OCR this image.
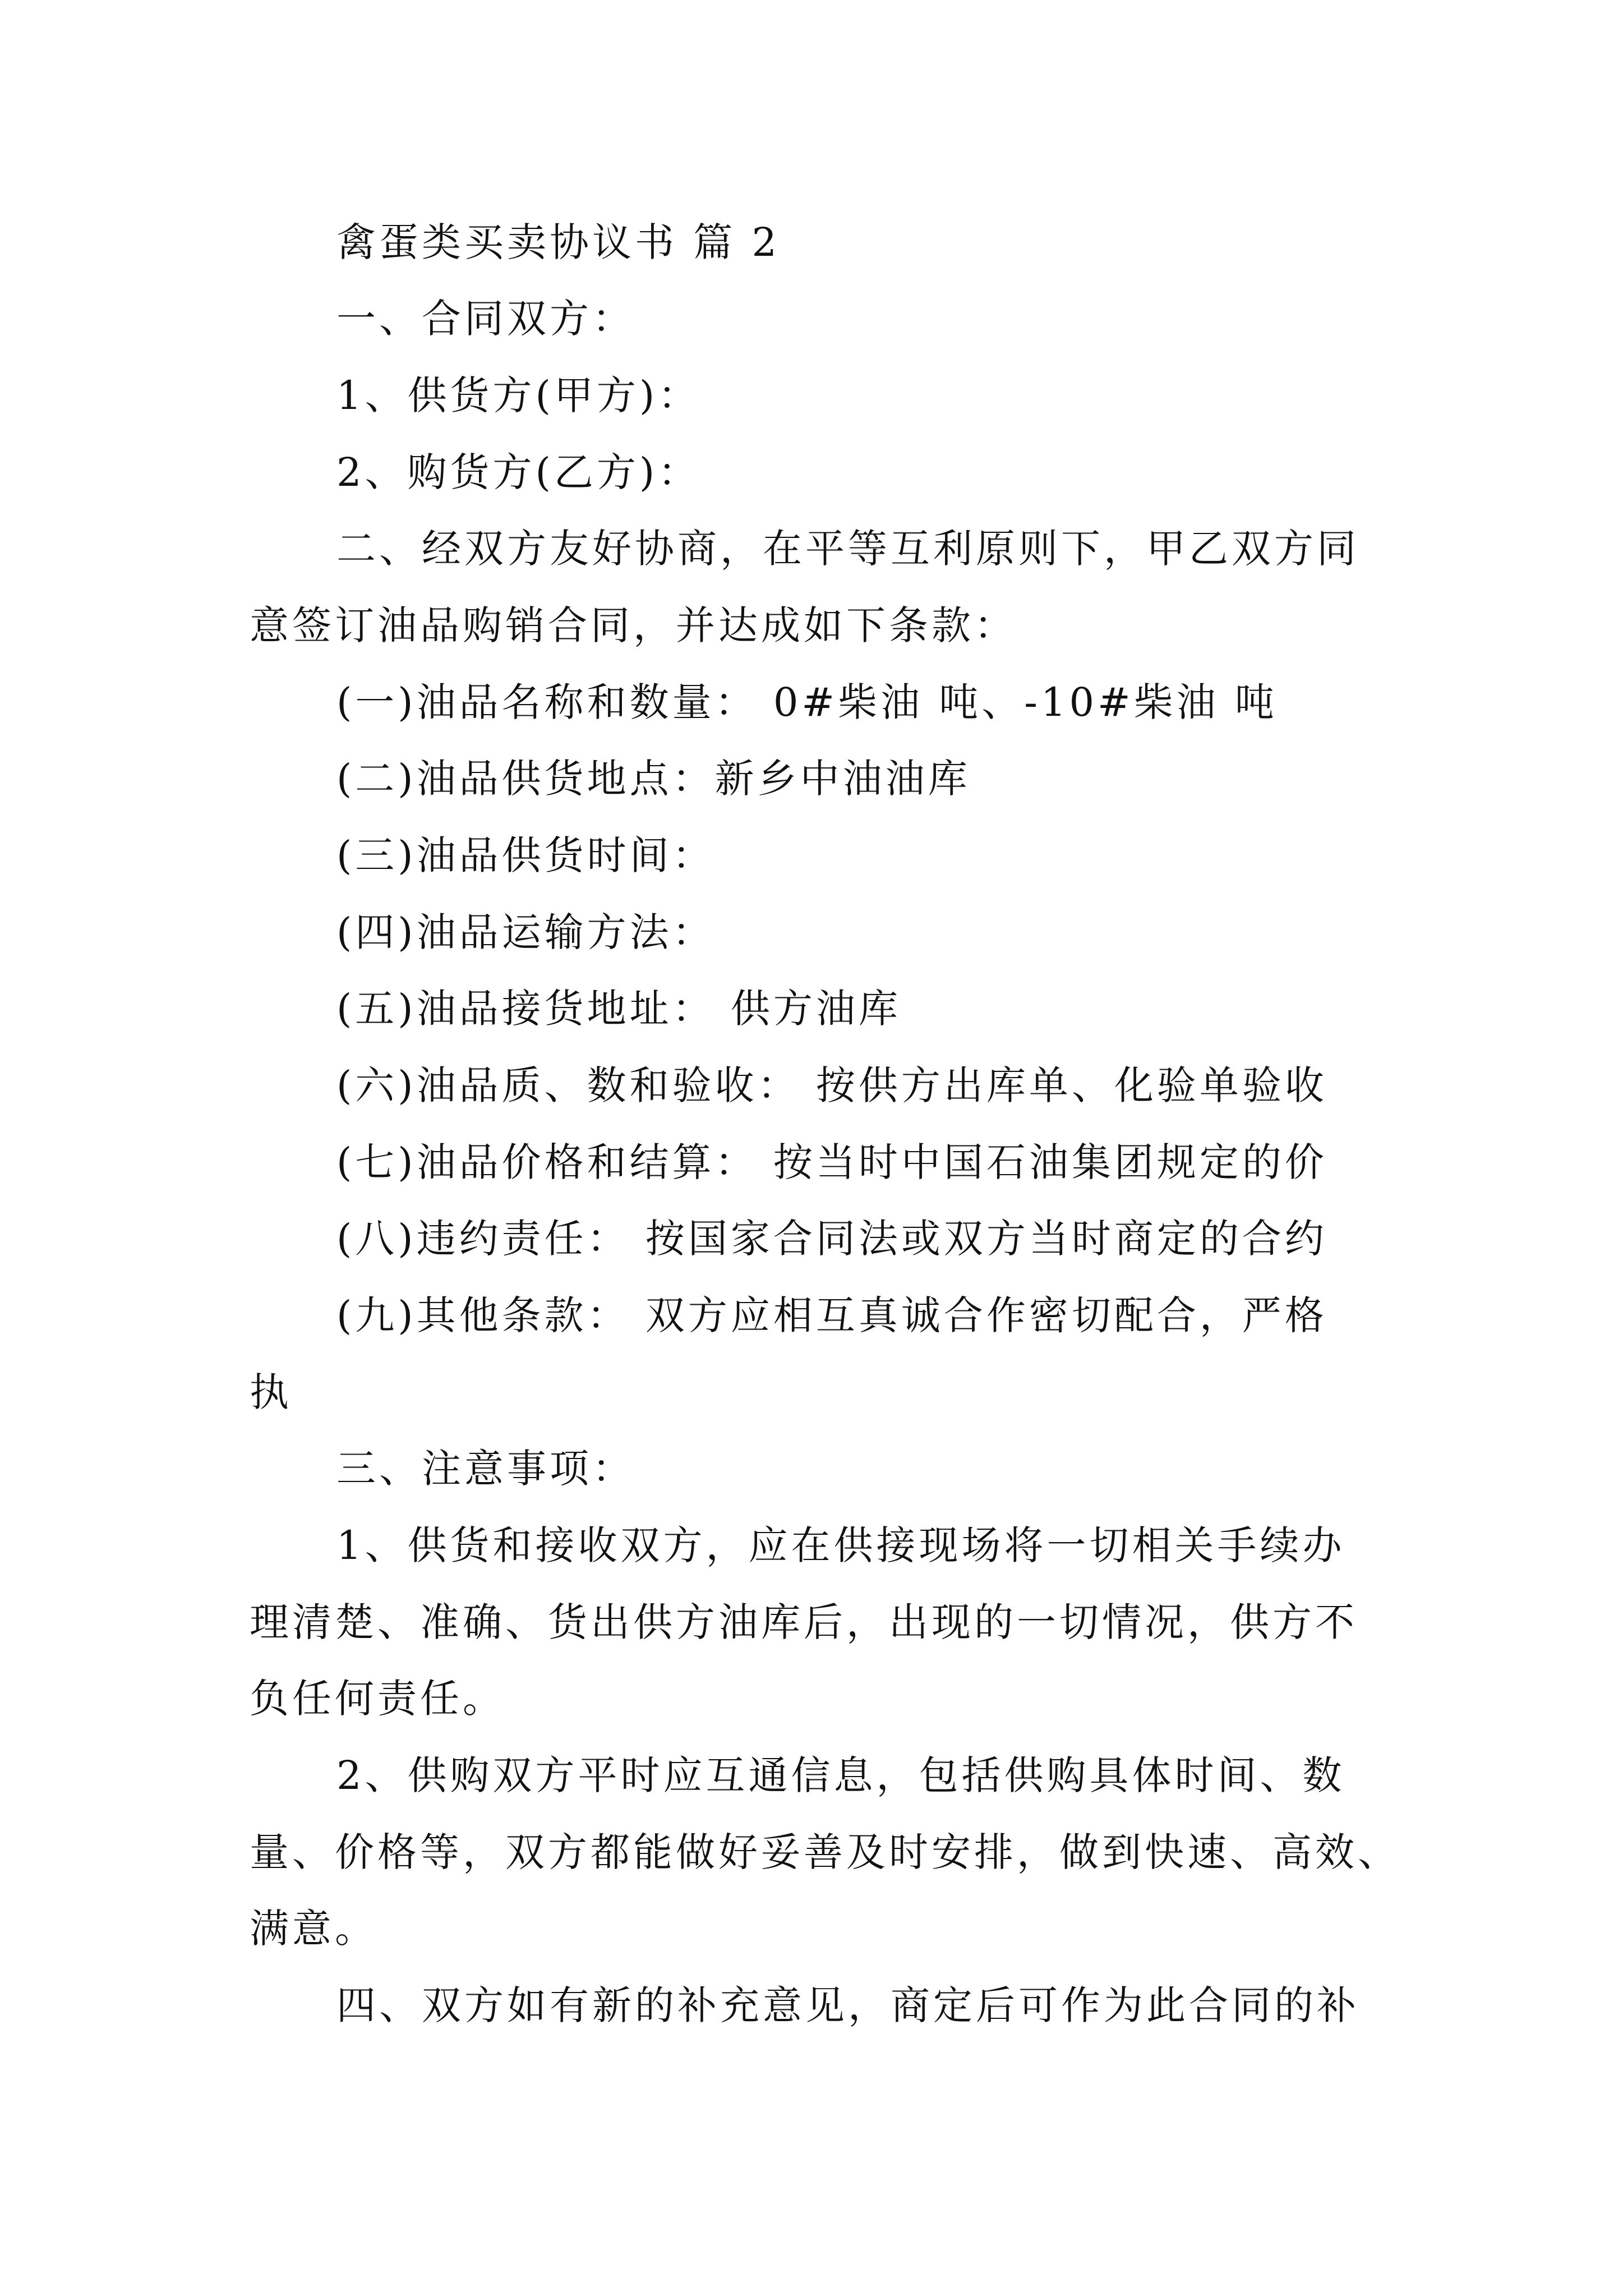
禽蛋类买卖协议书 篇 2
一、合同双方：
1、供货方(甲方)：
2、购货方(乙方)：
二、经双方友好协商，在平等互利原则下，甲乙双方同
意签订油品购销合同，并达成如下条款：
(一)油品名称和数量： 0#柴油 吨、-10#柴油 吨
(二)油品供货地点：新乡中油油库
(三)油品供货时间：
(四)油品运输方法：
(五)油品接货地址： 供方油库
(六)油品质、数和验收： 按供方出库单、化验单验收
(七)油品价格和结算： 按当时中国石油集团规定的价
(八)违约责任： 按国家合同法或双方当时商定的合约
(九)其他条款： 双方应相互真诚合作密切配合，严格
执
三、注意事项：
1、供货和接收双方，应在供接现场将一切相关手续办
理清楚、准确、货出供方油库后，出现的一切情况，供方不
负任何责任。
2、供购双方平时应互通信息，包括供购具体时间、数
量、价格等，双方都能做好妥善及时安排，做到快速、高效、
满意。
四、双方如有新的补充意见，商定后可作为此合同的补
